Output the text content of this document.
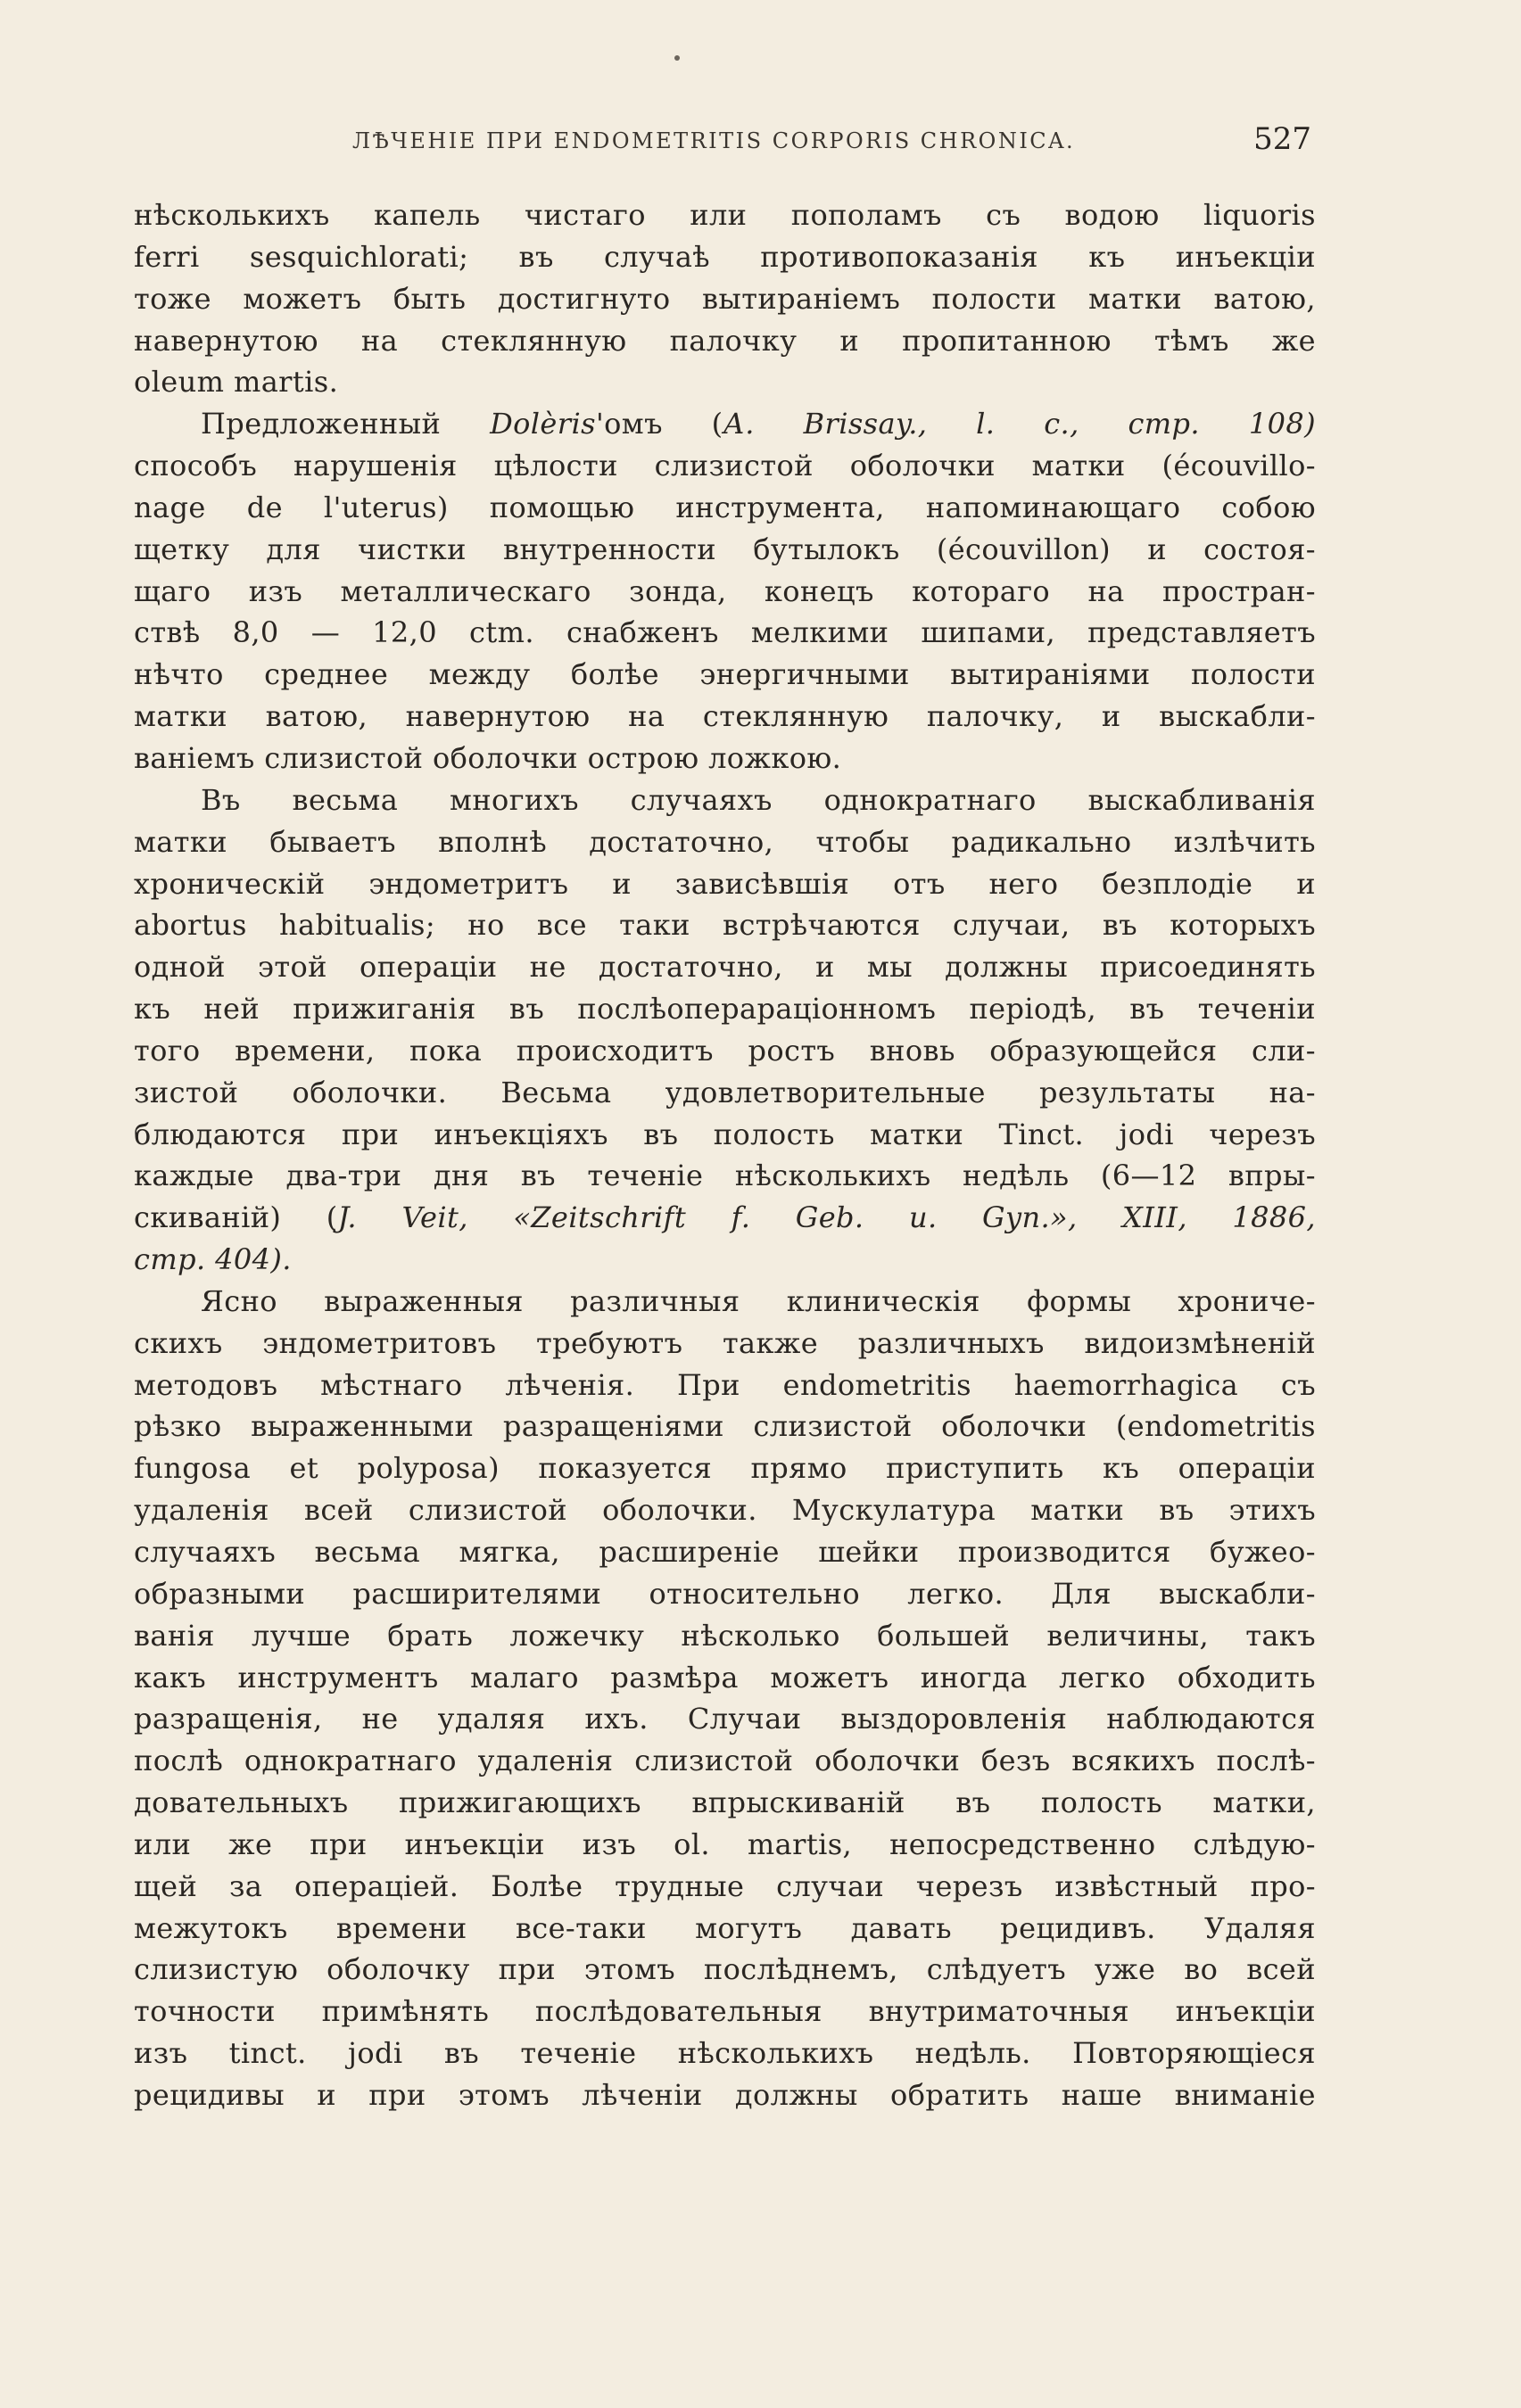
ЛѢЧЕНІЕ ПРИ ENDOMETRITIS CORPORIS CHRONICA.	527
нѣсколькихъ капель чистаго или пополамъ съ водою liquoris
ferri sesquichlorati; въ случаѣ противопоказанія къ инъекціи
тоже можетъ быть достигнуто вытираніемъ полости матки ватою,
навернутою на стеклянную палочку и пропитанною тѣмъ же
oleum martis.
Предложенный Dolèris'омъ (А. Brissay., l. c., стр. 108)
способъ нарушенія цѣлости слизистой оболочки матки (écouvillo-
nage de l'uterus) помощью инструмента, напоминающаго собою
щетку для чистки внутренности бутылокъ (écouvillon) и состоя-
щаго изъ металлическаго зонда, конецъ котораго на простран-
ствѣ 8,0 — 12,0 ctm. снабженъ мелкими шипами, представляетъ
нѣчто среднее между болѣе энергичными вытираніями полости
матки ватою, навернутою на стеклянную палочку, и выскабли-
ваніемъ слизистой оболочки острою ложкою.
Въ весьма многихъ случаяхъ однократнаго выскабливанія
матки бываетъ вполнѣ достаточно, чтобы радикально излѣчить
хроническій эндометритъ и зависѣвшія отъ него безплодіе и
abortus habitualis; но все таки встрѣчаются случаи, въ которыхъ
одной этой операціи не достаточно, и мы должны присоединять
къ ней прижиганія въ послѣоперараціонномъ періодѣ, въ теченіи
того времени, пока происходитъ ростъ вновь образующейся сли-
зистой оболочки. Весьма удовлетворительные результаты на-
блюдаются при инъекціяхъ въ полость матки Tinct. jodi черезъ
каждые два-три дня въ теченіе нѣсколькихъ недѣль (6—12 впры-
скиваній) (J. Veit, «Zeitschrift f. Geb. u. Gyn.», XIII, 1886,
стр. 404).
Ясно выраженныя различныя клиническія формы хрониче-
скихъ эндометритовъ требуютъ также различныхъ видоизмѣненій
методовъ мѣстнаго лѣченія. При endometritis haemorrhagica съ
рѣзко выраженными разращеніями слизистой оболочки (endometritis
fungosa et polyposa) показуется прямо приступить къ операціи
удаленія всей слизистой оболочки. Мускулатура матки въ этихъ
случаяхъ весьма мягка, расширеніе шейки производится бужео-
образными расширителями относительно легко. Для выскабли-
ванія лучше брать ложечку нѣсколько большей величины, такъ
какъ инструментъ малаго размѣра можетъ иногда легко обходить
разращенія, не удаляя ихъ. Случаи выздоровленія наблюдаются
послѣ однократнаго удаленія слизистой оболочки безъ всякихъ послѣ-
довательныхъ прижигающихъ впрыскиваній въ полость матки,
или же при инъекціи изъ ol. martis, непосредственно слѣдую-
щей за операціей. Болѣе трудные случаи черезъ извѣстный про-
межутокъ времени все-таки могутъ давать рецидивъ. Удаляя
слизистую оболочку при этомъ послѣднемъ, слѣдуетъ уже во всей
точности примѣнять послѣдовательныя внутриматочныя инъекціи
изъ tinct. jodi въ теченіе нѣсколькихъ недѣль. Повторяющіеся
рецидивы и при этомъ лѣченіи должны обратить наше вниманіе
